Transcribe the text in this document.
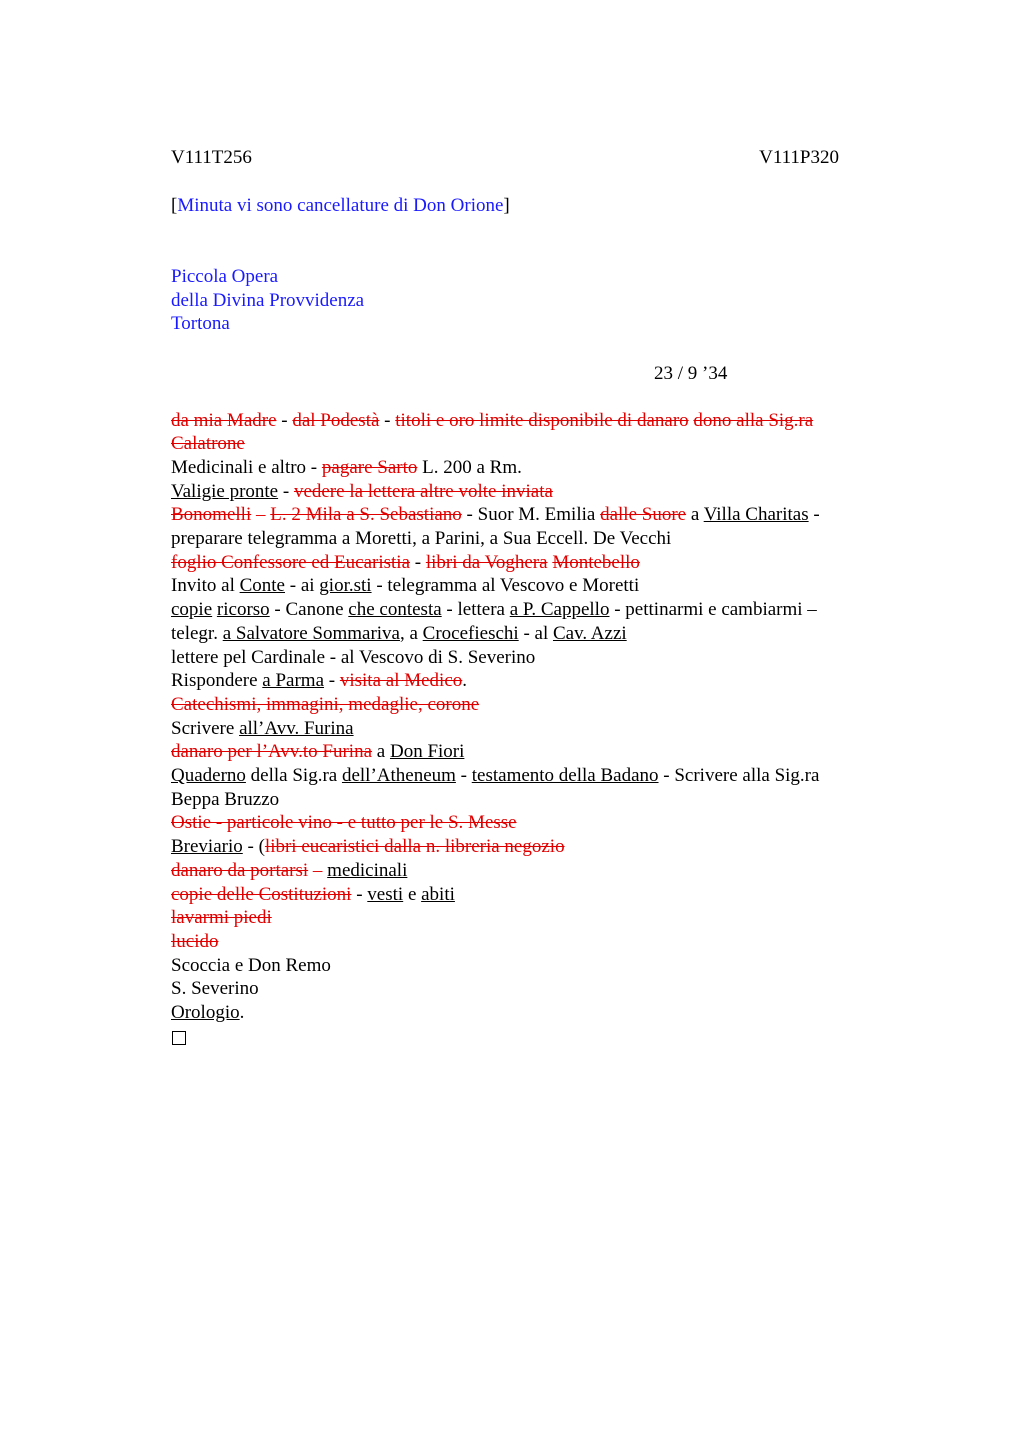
V111T256	V111P320
[Minuta vi sono cancellature di Don Orione]
Piccola Opera
della Divina Provvidenza
Tortona
23 / 9 ’34
da mia Madre - dal Podestà - titoli e oro limite disponibile di danaro dono alla Sig.ra
Calatrone
Medicinali e altro - pagare Sarto L. 200 a Rm.
Valigie pronte - vedere la lettera altre volte inviata
Bonomelli – L. 2 Mila a S. Sebastiano - Suor M. Emilia dalle Suore a Villa Charitas -
preparare telegramma a Moretti, a Parini, a Sua Eccell. De Vecchi
foglio Confessore ed Eucaristia - libri da Voghera Montebello
Invito al Conte - ai gior.sti - telegramma al Vescovo e Moretti
copie ricorso - Canone che contesta - lettera a P. Cappello - pettinarmi e cambiarmi –
telegr. a Salvatore Sommariva, a Crocefieschi - al Cav. Azzi
lettere pel Cardinale - al Vescovo di S. Severino
Rispondere a Parma - visita al Medico.
Catechismi, immagini, medaglie, corone
Scrivere all’Avv. Furina
danaro per l’Avv.to Furina a Don Fiori
Quaderno della Sig.ra dell’Atheneum - testamento della Badano - Scrivere alla Sig.ra
Beppa Bruzzo
Ostie - particole vino - e tutto per le S. Messe
Breviario - (libri eucaristici dalla n. libreria negozio
danaro da portarsi – medicinali
copie delle Costituzioni - vesti e abiti
lavarmi piedi
lucido
Scoccia e Don Remo
S. Severino
Orologio.
